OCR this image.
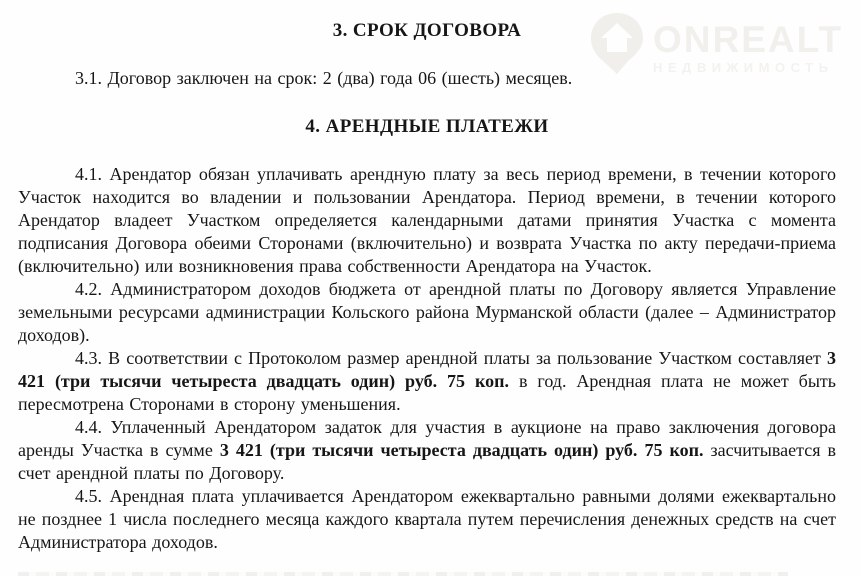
ONREALT
НЕДВИЖИМОСТЬ
3. СРОК ДОГОВОРА

3.1. Договор заключен на срок: 2 (два) года 06 (шесть) месяцев.

4. АРЕНДНЫЕ ПЛАТЕЖИ

4.1. Арендатор обязан уплачивать арендную плату за весь период времени, в течении которого Участок находится во владении и пользовании Арендатора. Период времени, в течении которого Арендатор владеет Участком определяется календарными датами принятия Участка с момента подписания Договора обеими Сторонами (включительно) и возврата Участка по акту передачи-приема (включительно) или возникновения права собственности Арендатора на Участок.

4.2. Администратором доходов бюджета от арендной платы по Договору является Управление земельными ресурсами администрации Кольского района Мурманской области (далее – Администратор доходов).

4.3. В соответствии с Протоколом размер арендной платы за пользование Участком составляет 3 421 (три тысячи четыреста двадцать один) руб. 75 коп. в год. Арендная плата не может быть пересмотрена Сторонами в сторону уменьшения.

4.4. Уплаченный Арендатором задаток для участия в аукционе на право заключения договора аренды Участка в сумме 3 421 (три тысячи четыреста двадцать один) руб. 75 коп. засчитывается в счет арендной платы по Договору.

4.5. Арендная плата уплачивается Арендатором ежеквартально равными долями ежеквартально не позднее 1 числа последнего месяца каждого квартала путем перечисления денежных средств на счет Администратора доходов.
